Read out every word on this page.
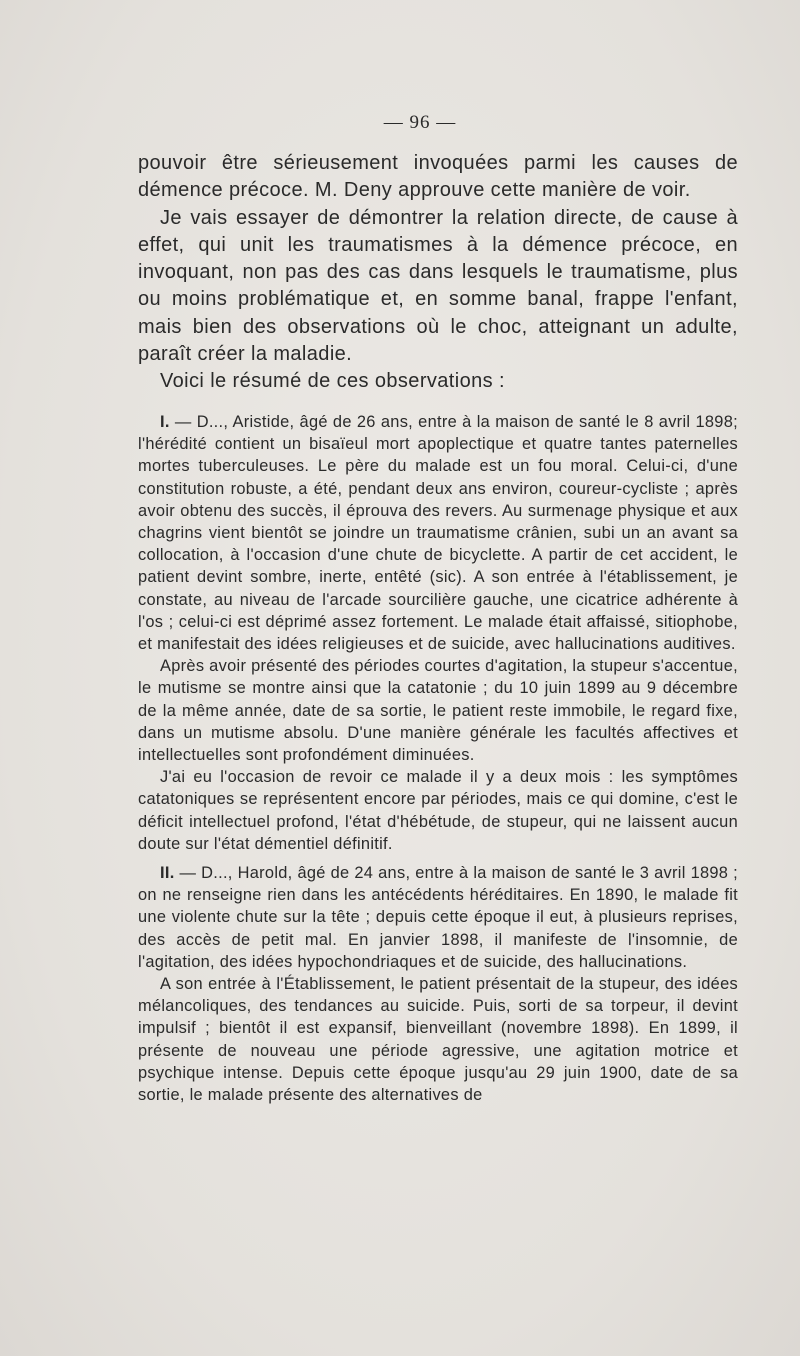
— 96 —

pouvoir être sérieusement invoquées parmi les causes de démence précoce. M. Deny approuve cette manière de voir.

Je vais essayer de démontrer la relation directe, de cause à effet, qui unit les traumatismes à la démence précoce, en invoquant, non pas des cas dans lesquels le traumatisme, plus ou moins problématique et, en somme banal, frappe l'enfant, mais bien des observations où le choc, atteignant un adulte, paraît créer la maladie.

Voici le résumé de ces observations :

I. — D..., Aristide, âgé de 26 ans, entre à la maison de santé le 8 avril 1898; l'hérédité contient un bisaïeul mort apoplectique et quatre tantes paternelles mortes tuberculeuses. Le père du malade est un fou moral. Celui-ci, d'une constitution robuste, a été, pendant deux ans environ, coureur-cycliste ; après avoir obtenu des succès, il éprouva des revers. Au surmenage physique et aux chagrins vient bientôt se joindre un traumatisme crânien, subi un an avant sa collocation, à l'occasion d'une chute de bicyclette. A partir de cet accident, le patient devint sombre, inerte, entêté (sic). A son entrée à l'établissement, je constate, au niveau de l'arcade sourcilière gauche, une cicatrice adhérente à l'os ; celui-ci est déprimé assez fortement. Le malade était affaissé, sitiophobe, et manifestait des idées religieuses et de suicide, avec hallucinations auditives.

Après avoir présenté des périodes courtes d'agitation, la stupeur s'accentue, le mutisme se montre ainsi que la catatonie ; du 10 juin 1899 au 9 décembre de la même année, date de sa sortie, le patient reste immobile, le regard fixe, dans un mutisme absolu. D'une manière générale les facultés affectives et intellectuelles sont profondément diminuées.

J'ai eu l'occasion de revoir ce malade il y a deux mois : les symptômes catatoniques se représentent encore par périodes, mais ce qui domine, c'est le déficit intellectuel profond, l'état d'hébétude, de stupeur, qui ne laissent aucun doute sur l'état démentiel définitif.

II. — D..., Harold, âgé de 24 ans, entre à la maison de santé le 3 avril 1898 ; on ne renseigne rien dans les antécédents héréditaires. En 1890, le malade fit une violente chute sur la tête ; depuis cette époque il eut, à plusieurs reprises, des accès de petit mal. En janvier 1898, il manifeste de l'insomnie, de l'agitation, des idées hypochondriaques et de suicide, des hallucinations.

A son entrée à l'Établissement, le patient présentait de la stupeur, des idées mélancoliques, des tendances au suicide. Puis, sorti de sa torpeur, il devint impulsif ; bientôt il est expansif, bienveillant (novembre 1898). En 1899, il présente de nouveau une période agressive, une agitation motrice et psychique intense. Depuis cette époque jusqu'au 29 juin 1900, date de sa sortie, le malade présente des alternatives de
